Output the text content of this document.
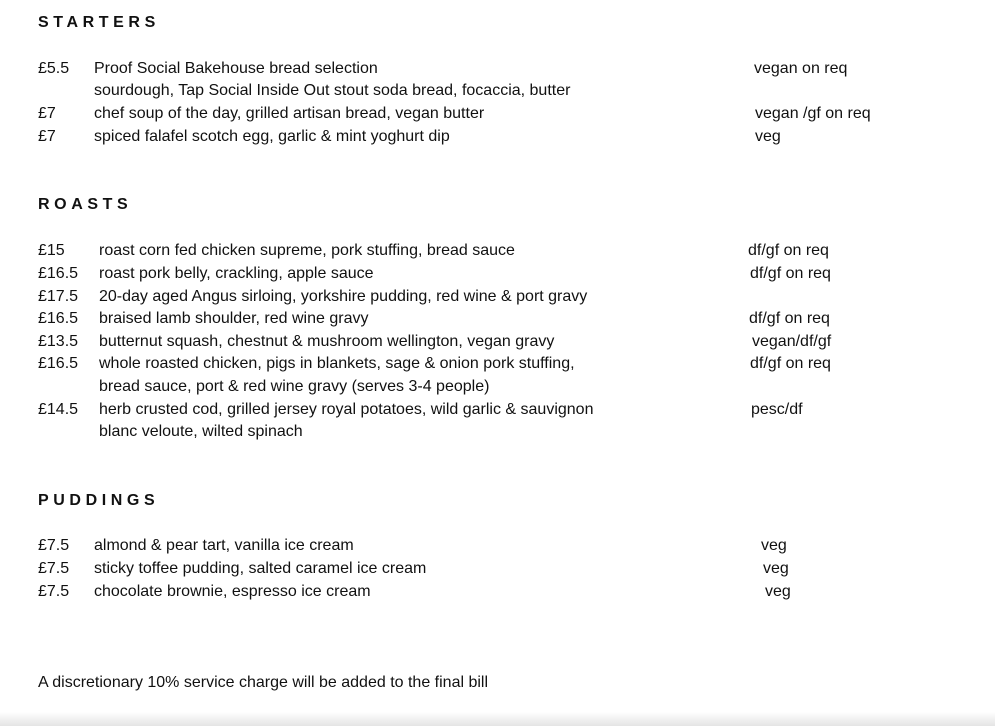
STARTERS
£5.5 Proof Social Bakehouse bread selection	vegan on req
sourdough, Tap Social Inside Out stout soda bread, focaccia, butter
£7 chef soup of the day, grilled artisan bread, vegan butter	vegan /gf on req
£7 spiced falafel scotch egg, garlic & mint yoghurt dip	veg
ROASTS
£15 roast corn fed chicken supreme, pork stuffing, bread sauce	df/gf on req
£16.5 roast pork belly, crackling, apple sauce	df/gf on req
£17.5 20-day aged Angus sirloing, yorkshire pudding, red wine & port gravy
£16.5 braised lamb shoulder, red wine gravy	df/gf on req
£13.5 butternut squash, chestnut & mushroom wellington, vegan gravy	vegan/df/gf
£16.5 whole roasted chicken, pigs in blankets, sage & onion pork stuffing,	df/gf on req
bread sauce, port & red wine gravy (serves 3-4 people)
£14.5 herb crusted cod, grilled jersey royal potatoes, wild garlic & sauvignon	pesc/df
blanc veloute, wilted spinach
PUDDINGS
£7.5 almond & pear tart, vanilla ice cream	veg
£7.5 sticky toffee pudding, salted caramel ice cream	veg
£7.5 chocolate brownie, espresso ice cream	veg
A discretionary 10% service charge will be added to the final bill
